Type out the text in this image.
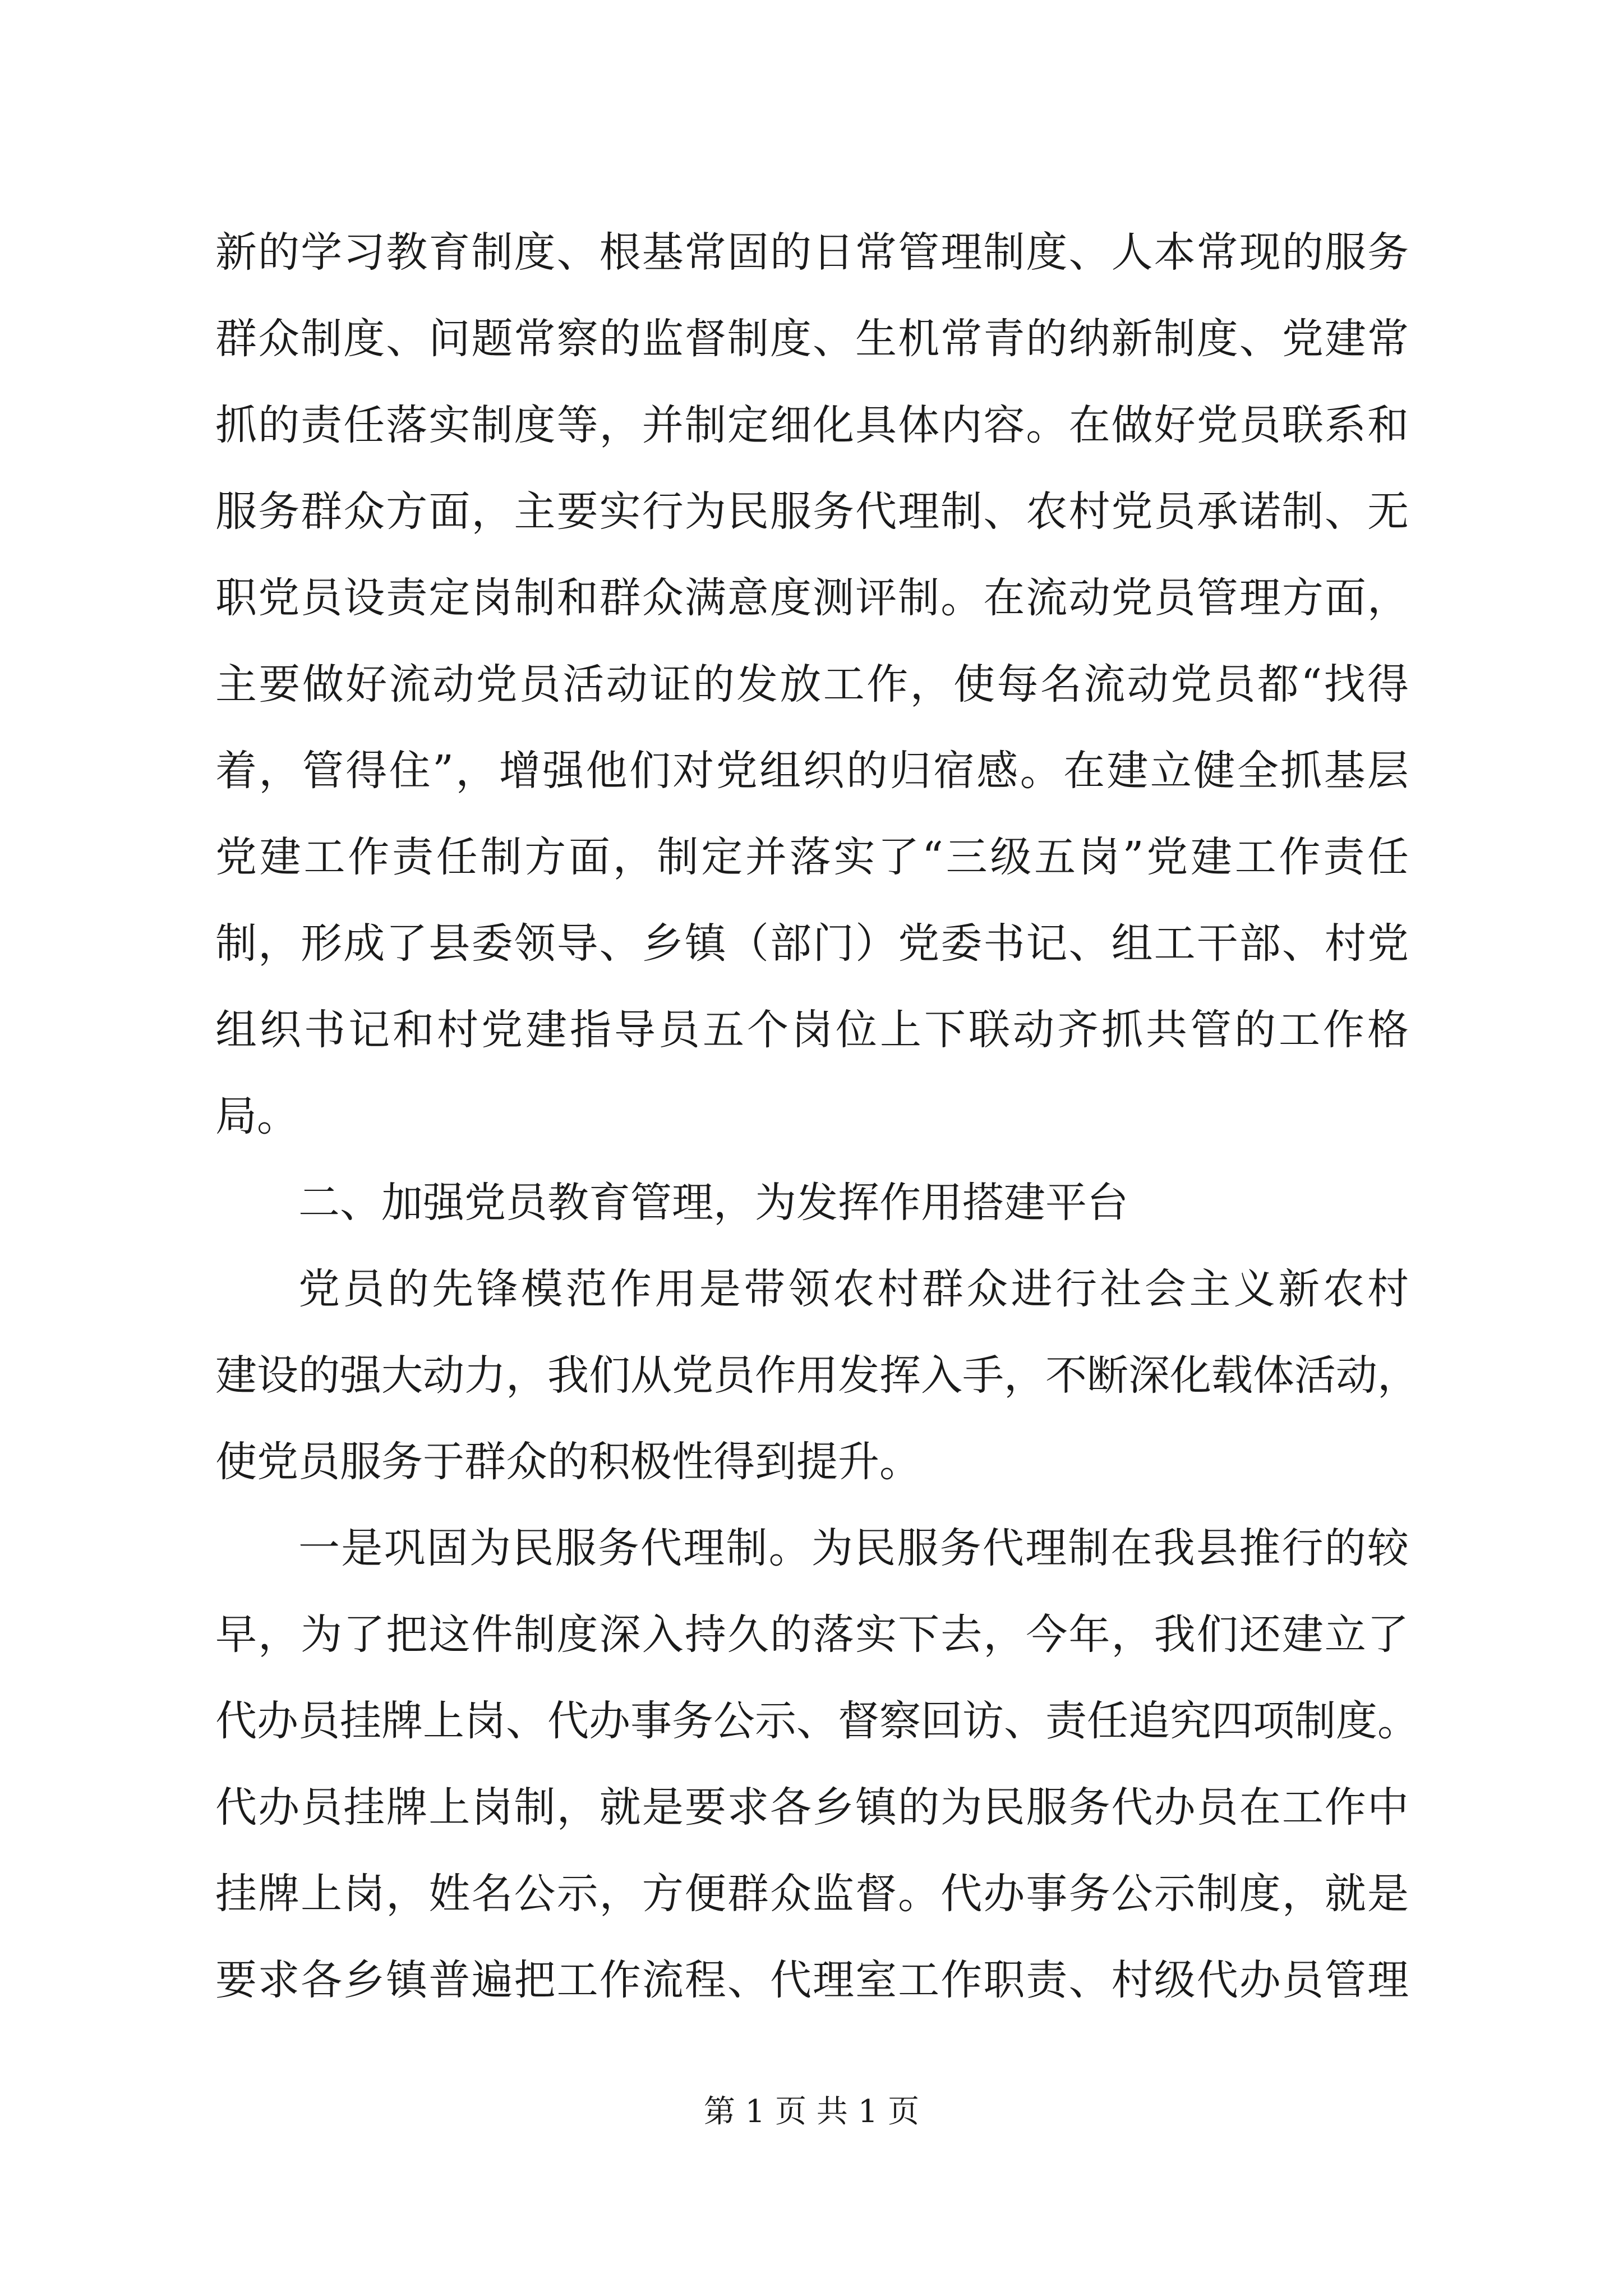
新的学习教育制度、根基常固的日常管理制度、人本常现的服务
群众制度、问题常察的监督制度、生机常青的纳新制度、党建常
抓的责任落实制度等，并制定细化具体内容。在做好党员联系和
服务群众方面，主要实行为民服务代理制、农村党员承诺制、无
职党员设责定岗制和群众满意度测评制。在流动党员管理方面，
主要做好流动党员活动证的发放工作，使每名流动党员都“找得
着，管得住”，增强他们对党组织的归宿感。在建立健全抓基层
党建工作责任制方面，制定并落实了“三级五岗”党建工作责任
制，形成了县委领导、乡镇（部门）党委书记、组工干部、村党
组织书记和村党建指导员五个岗位上下联动齐抓共管的工作格
局。
二、加强党员教育管理，为发挥作用搭建平台
党员的先锋模范作用是带领农村群众进行社会主义新农村
建设的强大动力，我们从党员作用发挥入手，不断深化载体活动，
使党员服务于群众的积极性得到提升。
一是巩固为民服务代理制。为民服务代理制在我县推行的较
早，为了把这件制度深入持久的落实下去，今年，我们还建立了
代办员挂牌上岗、代办事务公示、督察回访、责任追究四项制度。
代办员挂牌上岗制，就是要求各乡镇的为民服务代办员在工作中
挂牌上岗，姓名公示，方便群众监督。代办事务公示制度，就是
要求各乡镇普遍把工作流程、代理室工作职责、村级代办员管理
第 1 页 共 1 页
